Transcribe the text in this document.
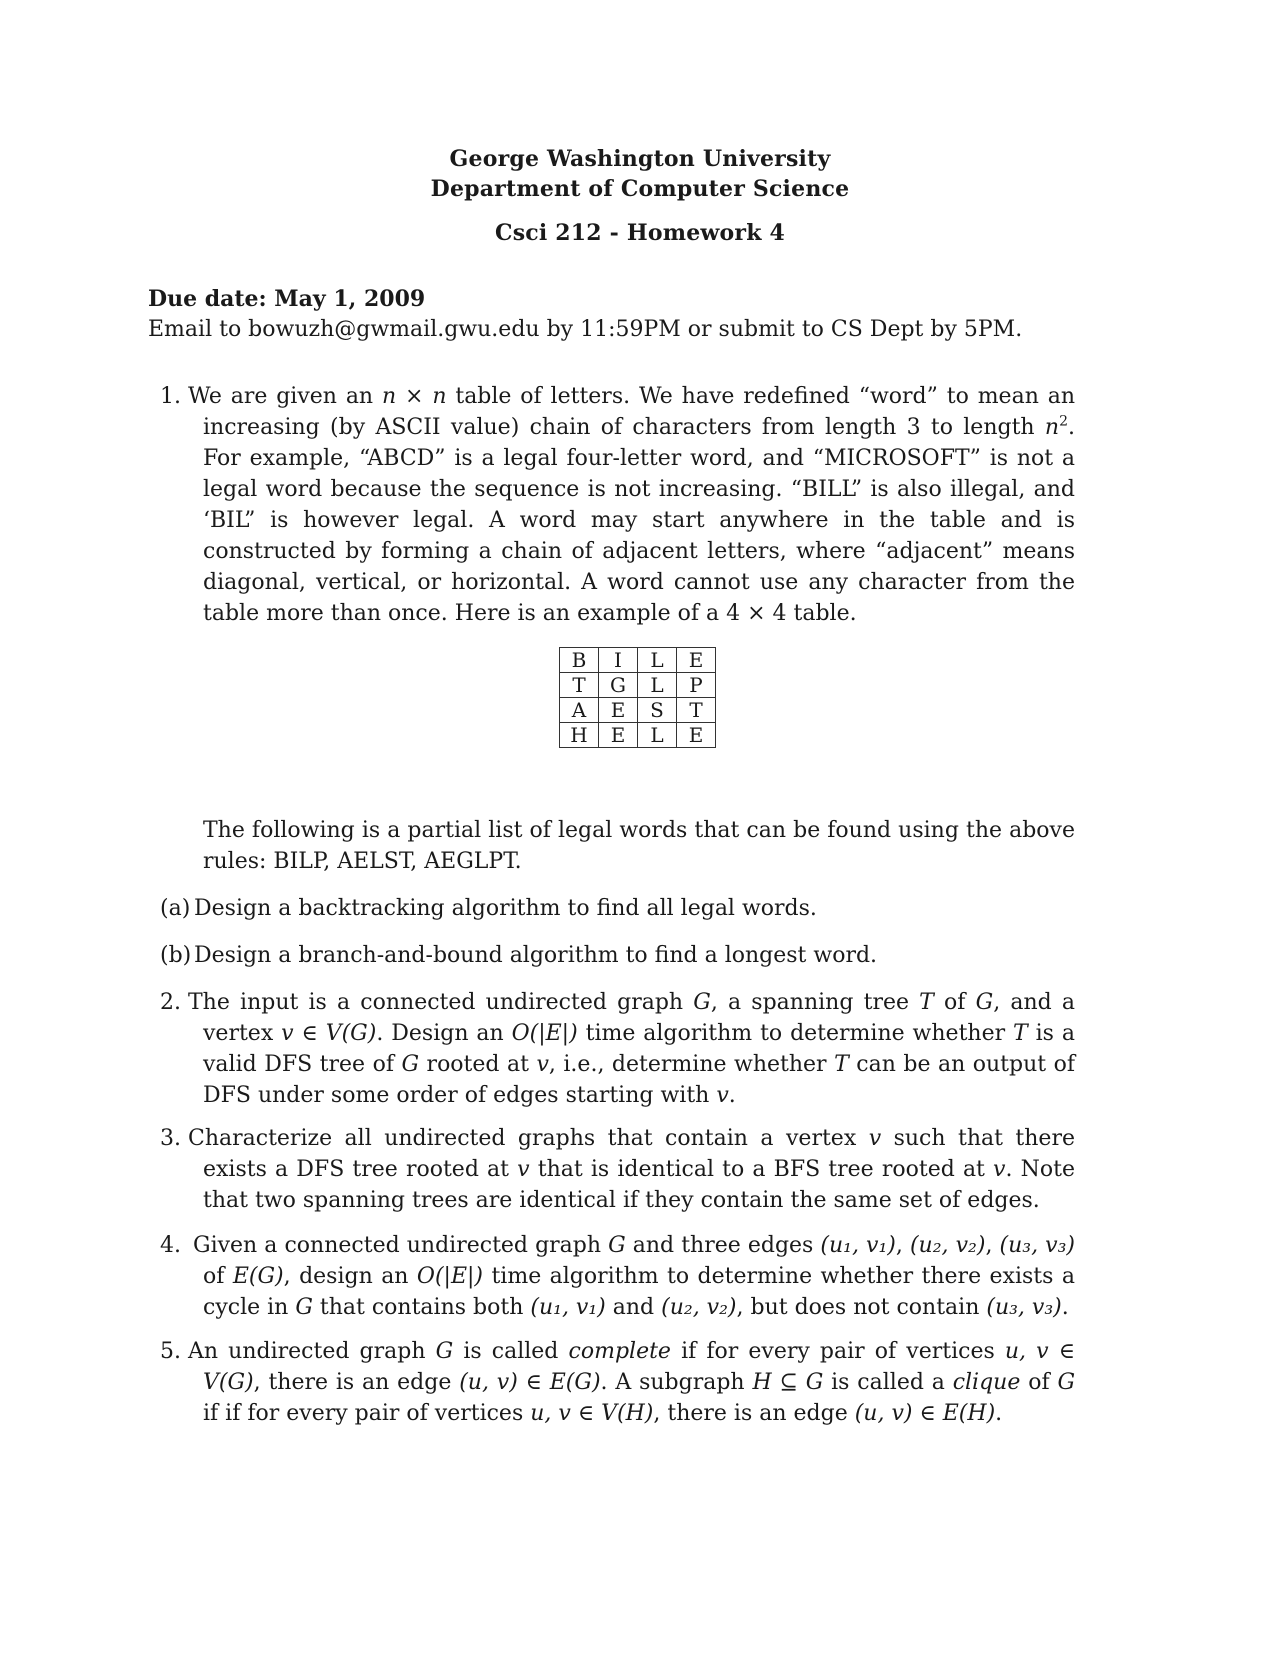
George Washington University
Department of Computer Science
Csci 212 - Homework 4
Due date: May 1, 2009
Email to bowuzh@gwmail.gwu.edu by 11:59PM or submit to CS Dept by 5PM.
1. We are given an n × n table of letters. We have redefined “word” to mean an increasing (by ASCII value) chain of characters from length 3 to length $n^2$. For example, “ABCD” is a legal four-letter word, and “MICROSOFT” is not a legal word because the sequence is not increasing. “BILL” is also illegal, and ‘BIL” is however legal. A word may start anywhere in the table and is constructed by forming a chain of adjacent letters, where “adjacent” means diagonal, vertical, or horizontal. A word cannot use any character from the table more than once. Here is an example of a 4 × 4 table.
B	I	L	E
T	G	L	P
A	E	S	T
H	E	L	E
The following is a partial list of legal words that can be found using the above rules: BILP, AELST, AEGLPT.
(a) Design a backtracking algorithm to find all legal words.
(b) Design a branch-and-bound algorithm to find a longest word.
2. The input is a connected undirected graph G, a spanning tree T of G, and a vertex v ∈ V(G). Design an O(|E|) time algorithm to determine whether T is a valid DFS tree of G rooted at v, i.e., determine whether T can be an output of DFS under some order of edges starting with v.
3. Characterize all undirected graphs that contain a vertex v such that there exists a DFS tree rooted at v that is identical to a BFS tree rooted at v. Note that two spanning trees are identical if they contain the same set of edges.
4. Given a connected undirected graph G and three edges (u₁, v₁), (u₂, v₂), (u₃, v₃) of E(G), design an O(|E|) time algorithm to determine whether there exists a cycle in G that contains both (u₁, v₁) and (u₂, v₂), but does not contain (u₃, v₃).
5. An undirected graph G is called complete if for every pair of vertices u, v ∈ V(G), there is an edge (u, v) ∈ E(G). A subgraph H ⊆ G is called a clique of G if if for every pair of vertices u, v ∈ V(H), there is an edge (u, v) ∈ E(H).
